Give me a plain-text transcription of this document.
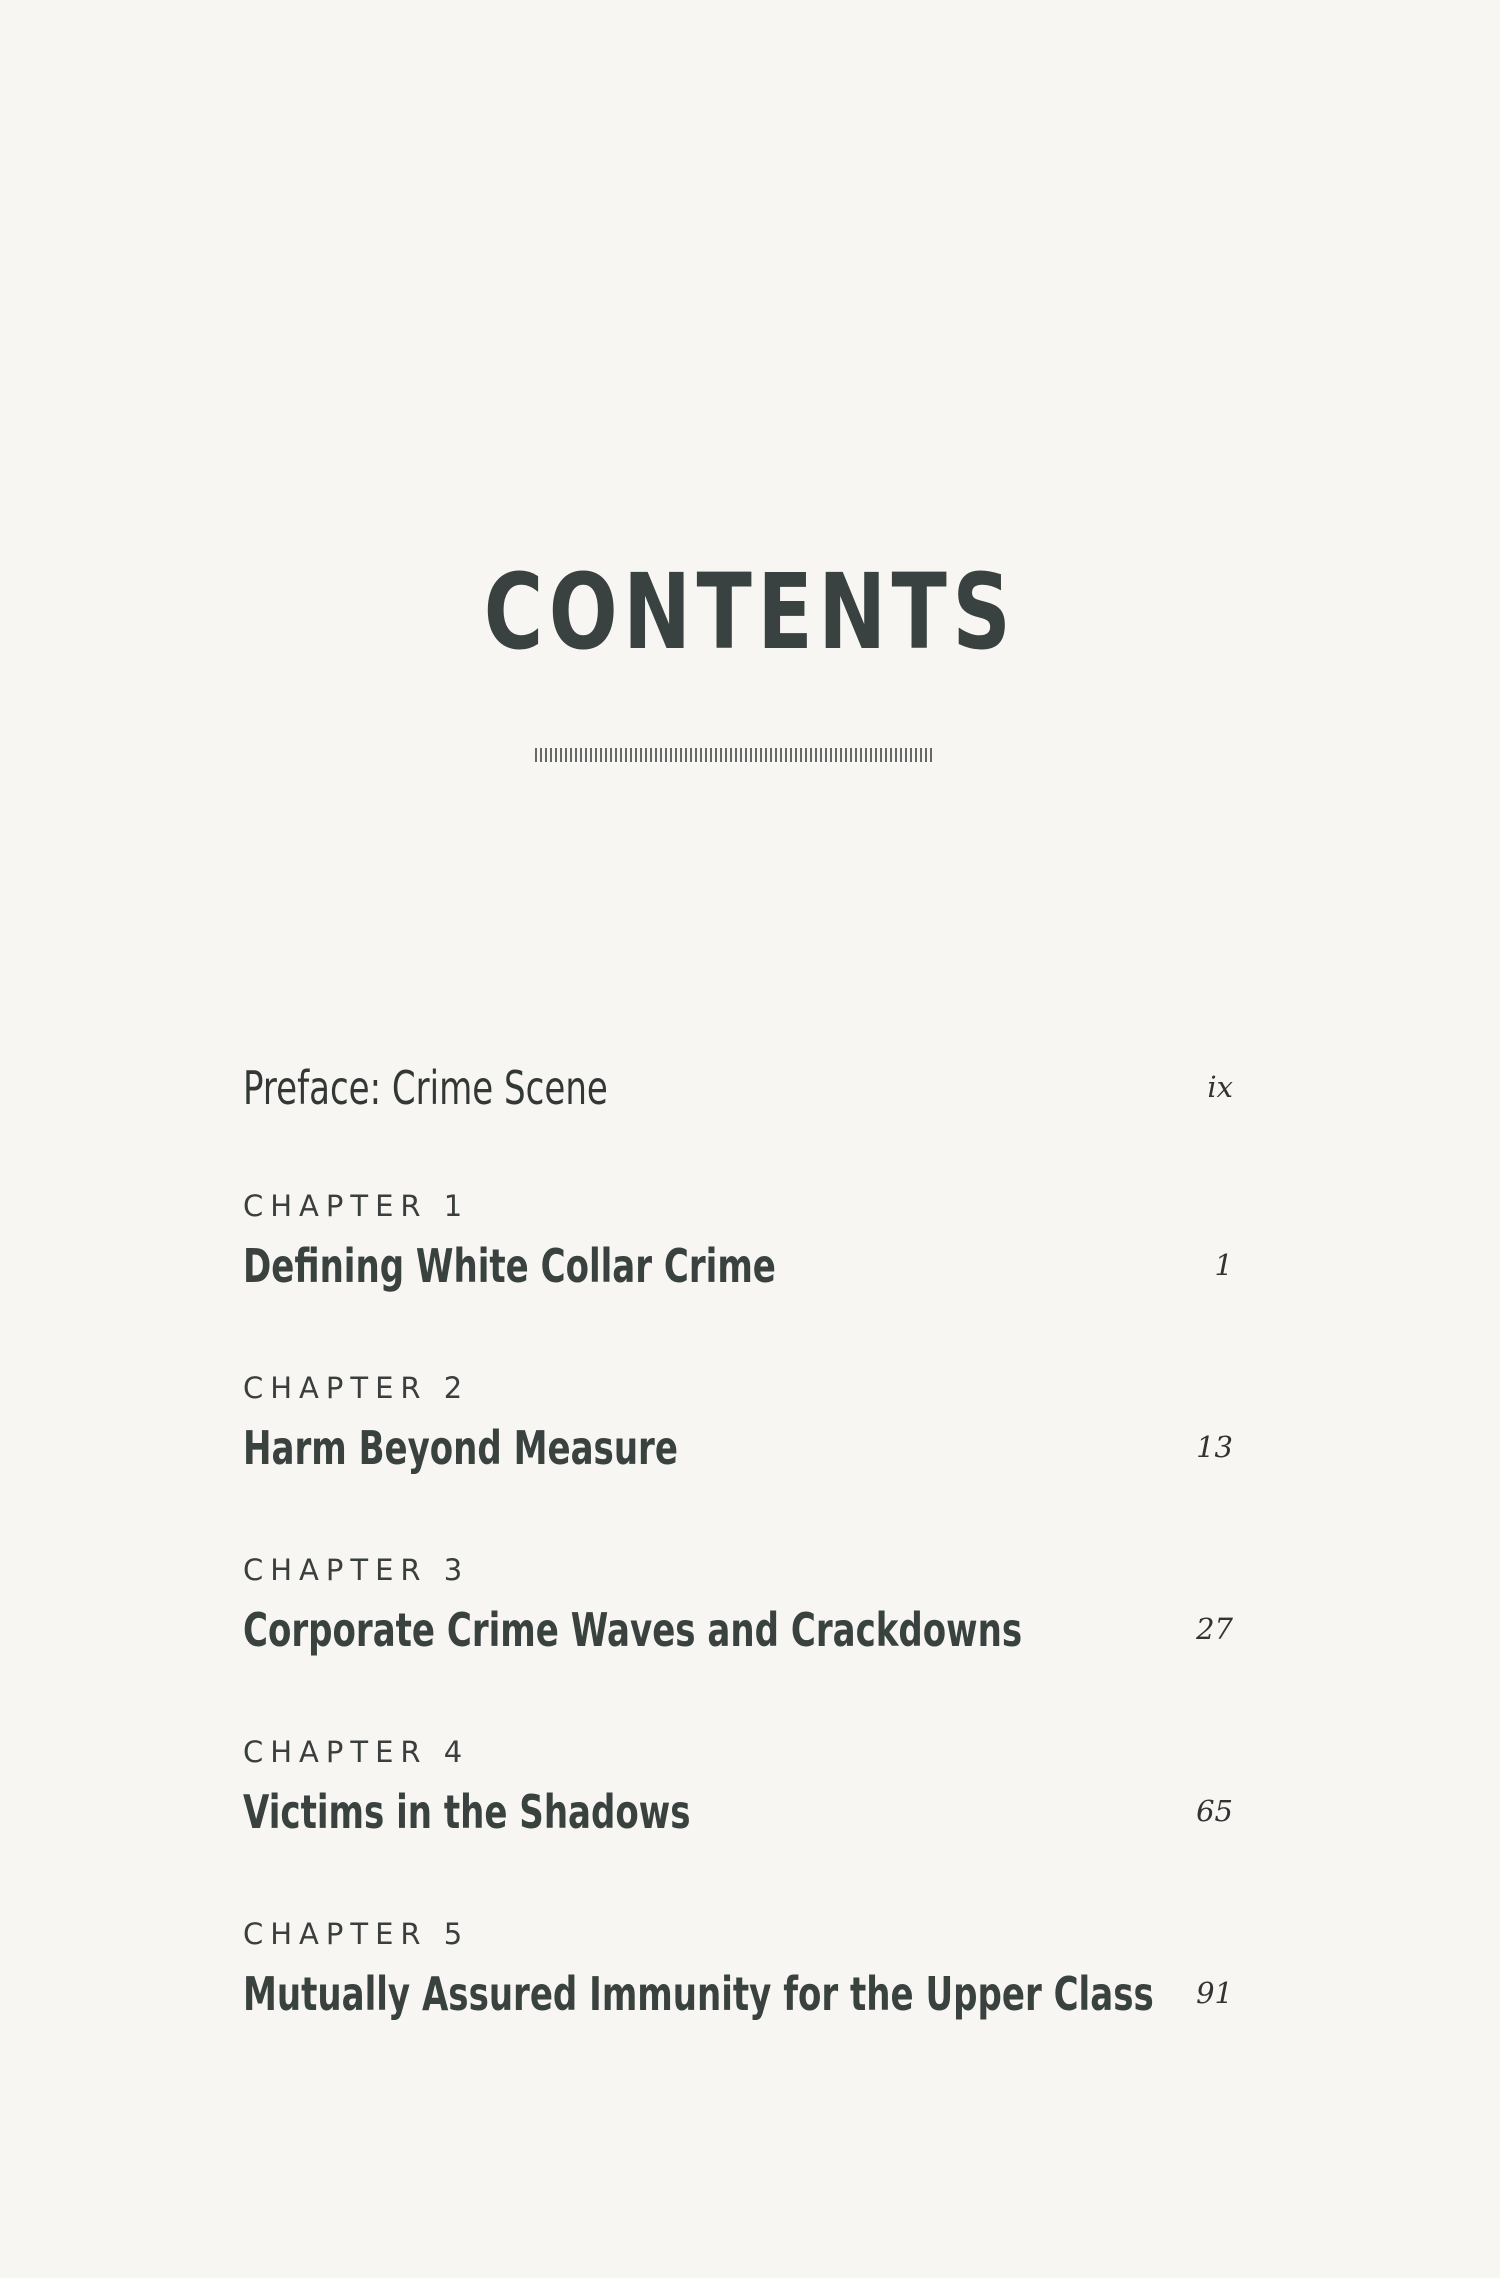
CONTENTS
Preface: Crime Scene	ix
CHAPTER 1
Defining White Collar Crime	1
CHAPTER 2
Harm Beyond Measure	13
CHAPTER 3
Corporate Crime Waves and Crackdowns	27
CHAPTER 4
Victims in the Shadows	65
CHAPTER 5
Mutually Assured Immunity for the Upper Class 91
